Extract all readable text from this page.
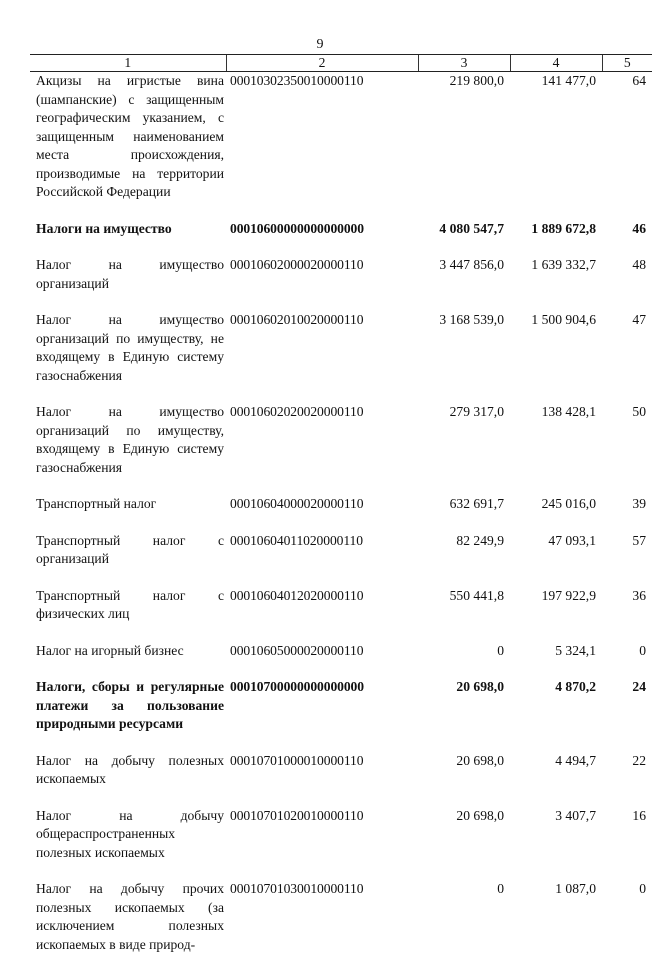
9
1	2	3	4	5
Акцизы на игристые вина (шампанские) с защищенным географическим указанием, с защищенным наименованием места происхождения, производимые на территории Российской Федерации	00010302350010000110	219 800,0	141 477,0	64

Налоги на имущество	00010600000000000000	4 080 547,7	1 889 672,8	46

Налог на имущество организаций	00010602000020000110	3 447 856,0	1 639 332,7	48

Налог на имущество организаций по имуществу, не входящему в Единую систему газоснабжения	00010602010020000110	3 168 539,0	1 500 904,6	47

Налог на имущество организаций по имуществу, входящему в Единую систему газоснабжения	00010602020020000110	279 317,0	138 428,1	50

Транспортный налог	00010604000020000110	632 691,7	245 016,0	39

Транспортный налог с организаций	00010604011020000110	82 249,9	47 093,1	57

Транспортный налог с физических лиц	00010604012020000110	550 441,8	197 922,9	36

Налог на игорный бизнес	00010605000020000110	0	5 324,1	0

Налоги, сборы и регулярные платежи за пользование природными ресурсами	00010700000000000000	20 698,0	4 870,2	24

Налог на добычу полезных ископаемых	00010701000010000110	20 698,0	4 494,7	22

Налог на добычу общераспространенных полезных ископаемых	00010701020010000110	20 698,0	3 407,7	16

Налог на добычу прочих полезных ископаемых (за исключением полезных ископаемых в виде природ-	00010701030010000110	0	1 087,0	0
